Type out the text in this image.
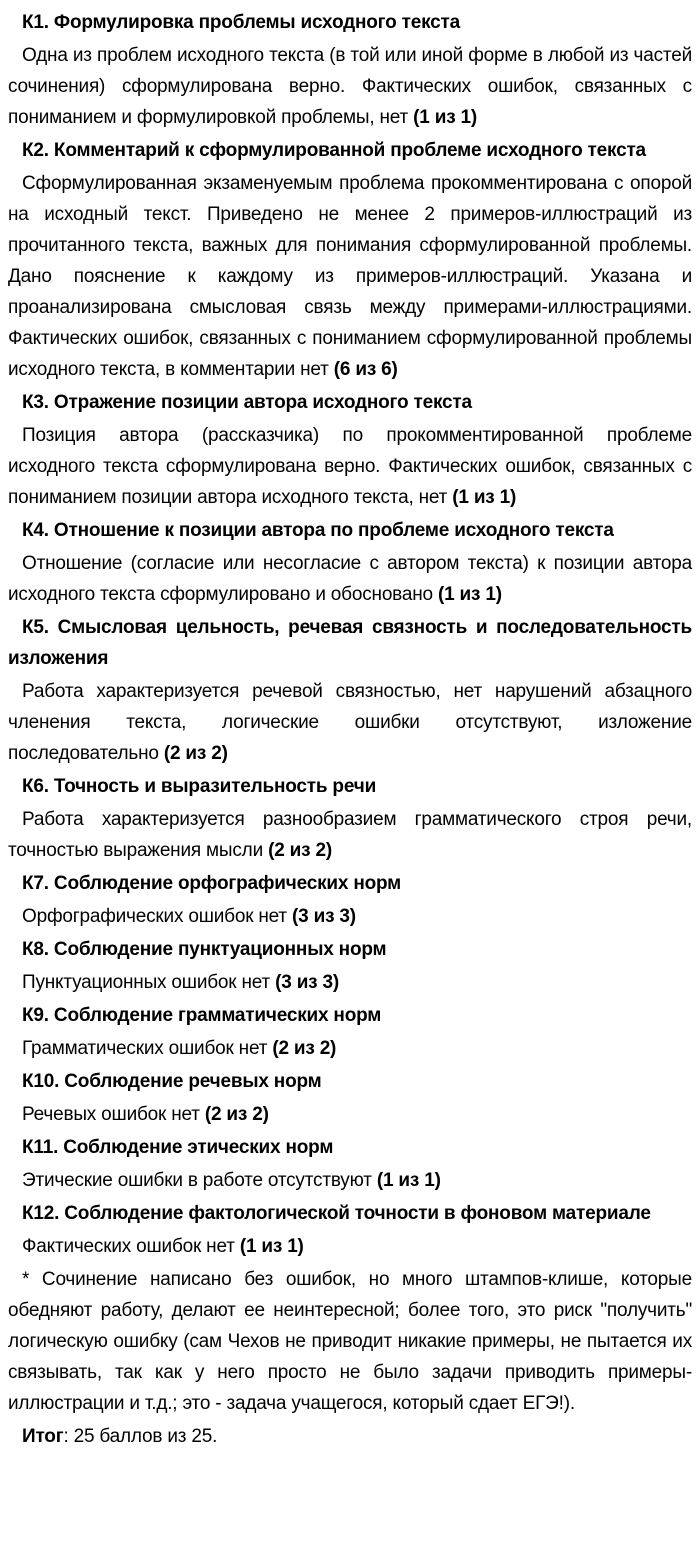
К1. Формулировка проблемы исходного текста

Одна из проблем исходного текста (в той или иной форме в любой из частей сочинения) сформулирована верно. Фактических ошибок, связанных с пониманием и формулировкой проблемы, нет (1 из 1)

К2. Комментарий к сформулированной проблеме исходного текста

Сформулированная экзаменуемым проблема прокомментирована с опорой на исходный текст. Приведено не менее 2 примеров-иллюстраций из прочитанного текста, важных для понимания сформулированной проблемы. Дано пояснение к каждому из примеров-иллюстраций. Указана и проанализирована смысловая связь между примерами-иллюстрациями. Фактических ошибок, связанных с пониманием сформулированной проблемы исходного текста, в комментарии нет (6 из 6)

К3. Отражение позиции автора исходного текста

Позиция автора (рассказчика) по прокомментированной проблеме исходного текста сформулирована верно. Фактических ошибок, связанных с пониманием позиции автора исходного текста, нет (1 из 1)

К4. Отношение к позиции автора по проблеме исходного текста

Отношение (согласие или несогласие с автором текста) к позиции автора исходного текста сформулировано и обосновано (1 из 1)

К5. Смысловая цельность, речевая связность и последовательность изложения

Работа характеризуется речевой связностью, нет нарушений абзацного членения текста, логические ошибки отсутствуют, изложение последовательно (2 из 2)

К6. Точность и выразительность речи

Работа характеризуется разнообразием грамматического строя речи, точностью выражения мысли (2 из 2)

К7. Соблюдение орфографических норм

Орфографических ошибок нет (3 из 3)

К8. Соблюдение пунктуационных норм

Пунктуационных ошибок нет (3 из 3)

К9. Соблюдение грамматических норм

Грамматических ошибок нет (2 из 2)

К10. Соблюдение речевых норм

Речевых ошибок нет (2 из 2)

К11. Соблюдение этических норм

Этические ошибки в работе отсутствуют (1 из 1)

К12. Соблюдение фактологической точности в фоновом материале

Фактических ошибок нет (1 из 1)

* Сочинение написано без ошибок, но много штампов-клише, которые обедняют работу, делают ее неинтересной; более того, это риск "получить" логическую ошибку (сам Чехов не приводит никакие примеры, не пытается их связывать, так как у него просто не было задачи приводить примеры-иллюстрации и т.д.; это - задача учащегося, который сдает ЕГЭ!).

Итог: 25 баллов из 25.
